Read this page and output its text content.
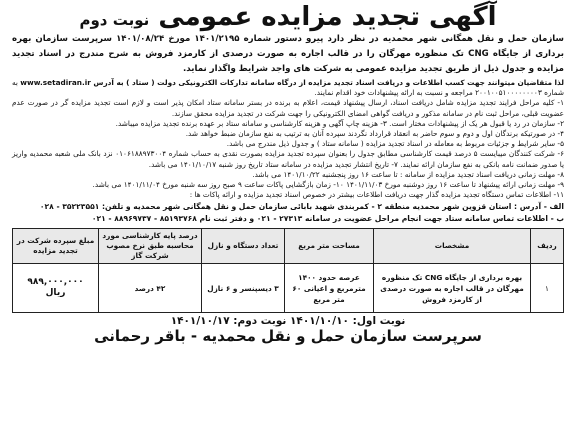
آگهی تجدید مزایده عمومی نوبت دوم
سازمان حمل و نقل همگانی شهر محمدیه در نظر دارد پیرو دستور شماره ۱۴۰۱/۲۱۹۵ مورخ ۱۴۰۱/۰۸/۲۴ سرپرست سازمان بهره برداری از جایگاه CNG تک منظوره مهرگان را در قالب اجاره به صورت درصدی از کارمزد فروش به شرح مندرج در اسناد تجدید مزایده و جدول ذیل از طریق تجدید مزایده عمومی به شرکت های واجد شرایط واگذار نماید.

لذا متقاضیان میتوانند جهت کسب اطلاعات و دریافت اسناد تجدید مزایده از درگاه سامانه تدارکات الکترونیکی دولت ( ستاد ) به آدرس www.setadiran.ir به شماره ۲۰۰۱۰۰۵۱۰۰۰۰۰۰۰۰۳ مراجعه و نسبت به ارائه پیشنهادات خود اقدام نمایند.

۱- کلیه مراحل فرایند تجدید مزایده شامل دریافت اسناد، ارسال پیشنهاد قیمت، اعلام به برنده در بستر سامانه ستاد امکان پذیر است و لازم است تجدید مزایده گر در صورت عدم عضویت قبلی، مراحل ثبت نام در سامانه مذکور و دریافت گواهی امضای الکترونیکی را جهت شرکت در تجدید مزایده محقق سازند.

۲- سازمان در رد یا قبول هر یک از پیشنهادات مختار است. ۳- هزینه چاپ آگهی و هزینه کارشناسی و سامانه ستاد بر عهده برنده تجدید مزایده میباشد.

۴- در صورتیکه برندگان اول و دوم و سوم حاضر به انعقاد قرارداد نگردند سپرده آنان به ترتیب به نفع سازمان ضبط خواهد شد.

۵- سایر شرایط و جزئیات مربوط به معامله در اسناد تجدید مزایده ( سامانه ستاد ) و جدول ذیل مندرج می باشد.

۶- شرکت کنندگان میبایست ۵ درصد قیمت کارشناسی مطابق جدول را بعنوان سپرده تجدید مزایده بصورت نقدی به حساب شماره ۰۱۰۶۱۸۸۹۷۳۰۰۴ نزد بانک ملی شعبه محمدیه واریز یا صدور ضمانت نامه بانکی به نفع سازمان ارائه نمایند. ۷- تاریخ انتشار تجدید مزایده در سامانه ستاد تاریخ روز شنبه ۱۴۰۱/۱۰/۱۷ می باشد.

۸- مهلت زمانی دریافت اسناد تجدید مزایده از سامانه : تا ساعت ۱۶ روز پنجشنبه ۱۴۰۱/۱۰/۲۲ می باشد.

۹- مهلت زمانی ارائه پیشنهاد تا ساعت ۱۶ روز دوشنبه مورخ ۱۴۰۱/۱۱/۰۳ ۱۰- زمان بازگشایی پاکات ساعت ۹ صبح روز سه شنبه مورخ ۱۴۰۱/۱۱/۰۴ می باشد.

۱۱- اطلاعات تماس دستگاه تجدید مزایده گذار جهت دریافت اطلاعات بیشتر در خصوص اسناد تجدید مزایده و ارائه پاکات ها :

الف - آدرس : استان قزوین شهر محمدیه منطقه ۲ - کمربندی شهید بابائی سازمان حمل و نقل همگانی شهر محمدیه و تلفن: ۳۵۲۲۳۵۵۱ - ۰۲۸
ب - اطلاعات تماس سامانه ستاد جهت انجام مراحل عضویت در سامانه ۲۷۳۱۳ - ۰۲۱ و دفتر ثبت نام ۸۵۱۹۳۷۶۸ - ۸۸۹۶۹۷۳۷ - ۰۲۱
ردیف	مشخصات	مساحت متر مربع	تعداد دستگاه و نازل	درصد پایه کارشناسی مورد محاسبه طبق نرخ مصوب شرکت گاز	مبلغ سپرده شرکت در تجدید مزایده
۱	بهره برداری از جایگاه CNG تک منظوره مهرگان در قالب اجاره به صورت درصدی از کارمزد فروش	عرصه حدود ۱۴۰۰ مترمربع و اعیانی ۶۰ متر مربع	۳ دیسپنسر و ۶ نازل	۴۲ درصد	۹۸۹,۰۰۰,۰۰۰ ریال
نوبت اول: ۱۴۰۱/۱۰/۱۰ نوبت دوم: ۱۴۰۱/۱۰/۱۷
سرپرست سازمان حمل و نقل محمدیه - باقر رحمانی
